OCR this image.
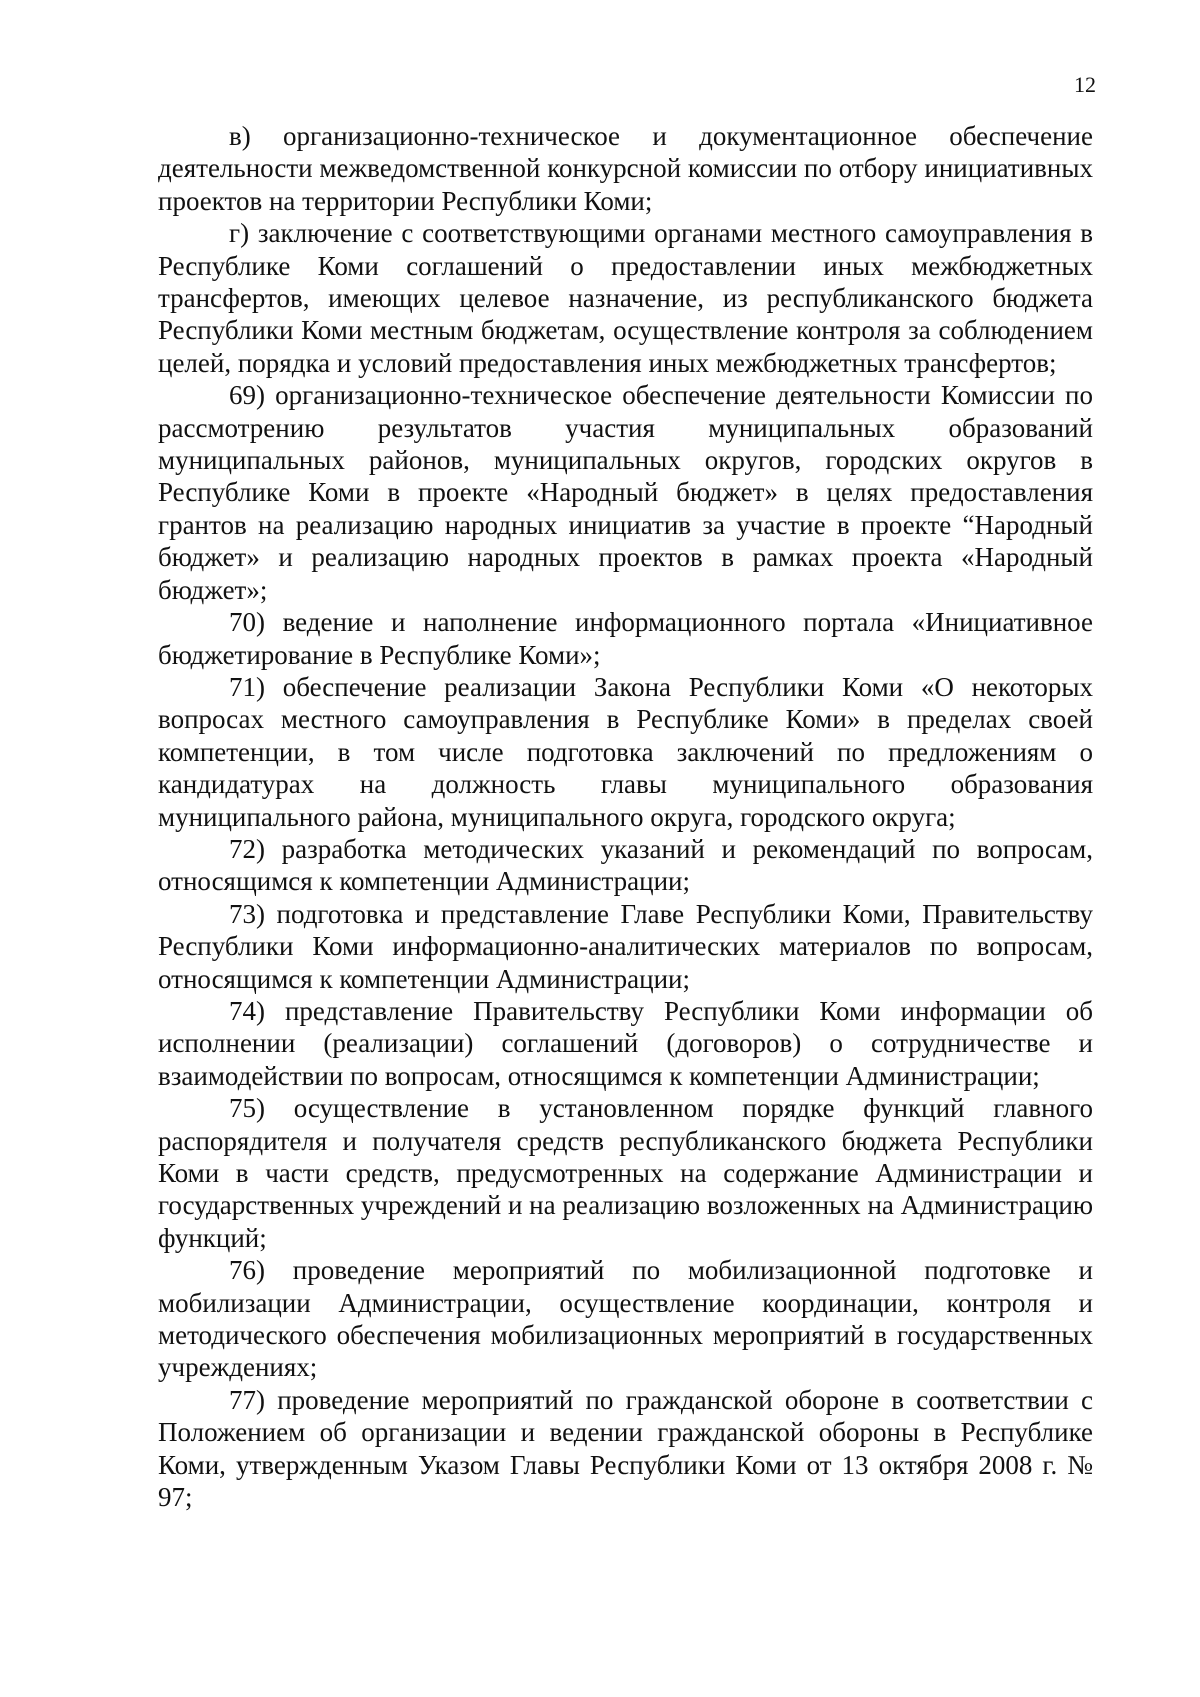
12

в) организационно-техническое и документационное обеспечение деятельности межведомственной конкурсной комиссии по отбору инициативных проектов на территории Республики Коми;

г) заключение с соответствующими органами местного самоуправления в Республике Коми соглашений о предоставлении иных межбюджетных трансфертов, имеющих целевое назначение, из республиканского бюджета Республики Коми местным бюджетам, осуществление контроля за соблюдением целей, порядка и условий предоставления иных межбюджетных трансфертов;

69) организационно-техническое обеспечение деятельности Комиссии по рассмотрению результатов участия муниципальных образований муниципальных районов, муниципальных округов, городских округов в Республике Коми в проекте «Народный бюджет» в целях предоставления грантов на реализацию народных инициатив за участие в проекте “Народный бюджет» и реализацию народных проектов в рамках проекта «Народный бюджет»;

70) ведение и наполнение информационного портала «Инициативное бюджетирование в Республике Коми»;

71) обеспечение реализации Закона Республики Коми «О некоторых вопросах местного самоуправления в Республике Коми» в пределах своей компетенции, в том числе подготовка заключений по предложениям о кандидатурах на должность главы муниципального образования муниципального района, муниципального округа, городского округа;

72) разработка методических указаний и рекомендаций по вопросам, относящимся к компетенции Администрации;

73) подготовка и представление Главе Республики Коми, Правительству Республики Коми информационно-аналитических материалов по вопросам, относящимся к компетенции Администрации;

74) представление Правительству Республики Коми информации об исполнении (реализации) соглашений (договоров) о сотрудничестве и взаимодействии по вопросам, относящимся к компетенции Администрации;

75) осуществление в установленном порядке функций главного распорядителя и получателя средств республиканского бюджета Республики Коми в части средств, предусмотренных на содержание Администрации и государственных учреждений и на реализацию возложенных на Администрацию функций;

76) проведение мероприятий по мобилизационной подготовке и мобилизации Администрации, осуществление координации, контроля и методического обеспечения мобилизационных мероприятий в государственных учреждениях;

77) проведение мероприятий по гражданской обороне в соответствии с Положением об организации и ведении гражданской обороны в Республике Коми, утвержденным Указом Главы Республики Коми от 13 октября 2008 г. № 97;
